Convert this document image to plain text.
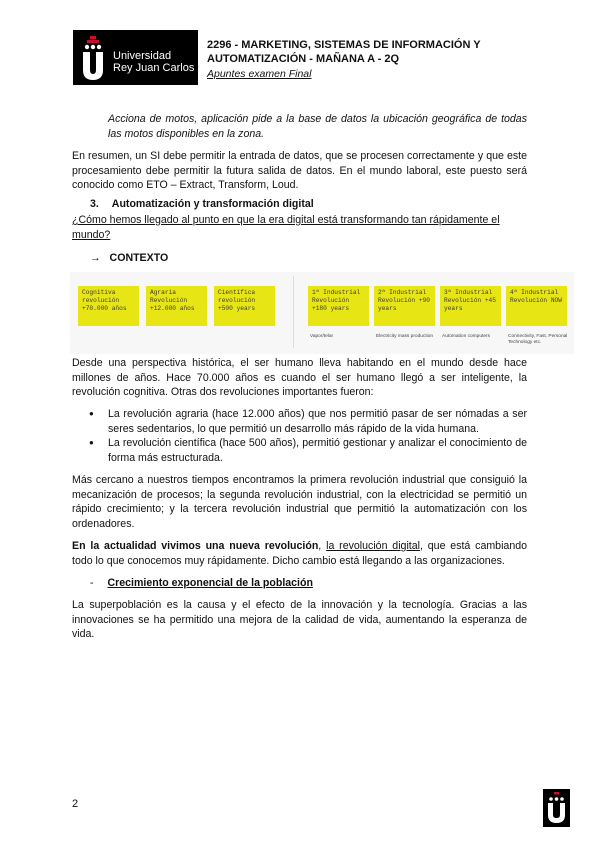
Universidad
Rey Juan Carlos
2296 - MARKETING, SISTEMAS DE INFORMACIÓN Y
AUTOMATIZACIÓN - MAÑANA A - 2Q
Apuntes examen Final

Acciona de motos, aplicación pide a la base de datos la ubicación geográfica de todas las motos disponibles en la zona.

En resumen, un SI debe permitir la entrada de datos, que se procesen correctamente y que este procesamiento debe permitir la futura salida de datos. En el mundo laboral, este puesto será conocido como ETO – Extract, Transform, Loud.

3. Automatización y transformación digital

¿Cómo hemos llegado al punto en que la era digital está transformando tan rápidamente el mundo?

→ CONTEXTO
Cognitiva revolución +70.000 años
Agraria Revolución +12.000 años
Científica revolución +500 years
1ª Industrial Revolución +180 years
2ª Industrial Revolución +90 years
3ª Industrial Revolución +45 years
4ª Industrial Revolución NOW
Vapor/telar	Electricity mass production	Automation computers	Connectivity, Fast, Personal Technology etc.

Desde una perspectiva histórica, el ser humano lleva habitando en el mundo desde hace millones de años. Hace 70.000 años es cuando el ser humano llegó a ser inteligente, la revolución cognitiva. Otras dos revoluciones importantes fueron:

● La revolución agraria (hace 12.000 años) que nos permitió pasar de ser nómadas a ser seres sedentarios, lo que permitió un desarrollo más rápido de la vida humana.
● La revolución científica (hace 500 años), permitió gestionar y analizar el conocimiento de forma más estructurada.

Más cercano a nuestros tiempos encontramos la primera revolución industrial que consiguió la mecanización de procesos; la segunda revolución industrial, con la electricidad se permitió un rápido crecimiento; y la tercera revolución industrial que permitió la automatización con los ordenadores.

En la actualidad vivimos una nueva revolución, la revolución digital, que está cambiando todo lo que conocemos muy rápidamente. Dicho cambio está llegando a las organizaciones.

- Crecimiento exponencial de la población

La superpoblación es la causa y el efecto de la innovación y la tecnología. Gracias a las innovaciones se ha permitido una mejora de la calidad de vida, aumentando la esperanza de vida.

2
